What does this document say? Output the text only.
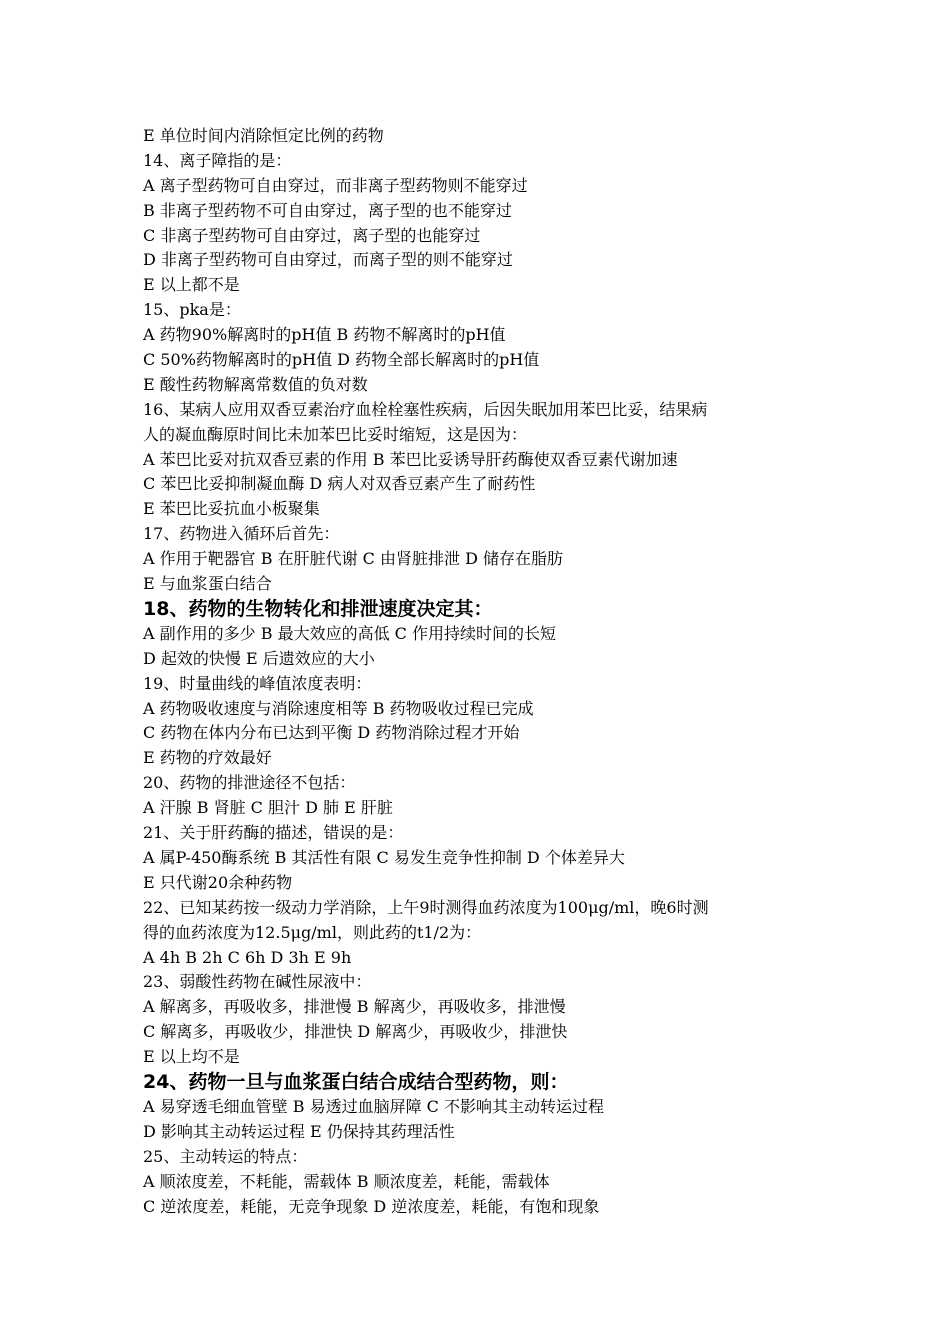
E 单位时间内消除恒定比例的药物
14、离子障指的是：
A 离子型药物可自由穿过，而非离子型药物则不能穿过
B 非离子型药物不可自由穿过，离子型的也不能穿过
C 非离子型药物可自由穿过，离子型的也能穿过
D 非离子型药物可自由穿过，而离子型的则不能穿过
E 以上都不是
15、pka是：
A 药物90%解离时的pH值 B 药物不解离时的pH值
C 50%药物解离时的pH值 D 药物全部长解离时的pH值
E 酸性药物解离常数值的负对数
16、某病人应用双香豆素治疗血栓栓塞性疾病，后因失眠加用苯巴比妥，结果病
人的凝血酶原时间比未加苯巴比妥时缩短，这是因为：
A 苯巴比妥对抗双香豆素的作用 B 苯巴比妥诱导肝药酶使双香豆素代谢加速
C 苯巴比妥抑制凝血酶 D 病人对双香豆素产生了耐药性
E 苯巴比妥抗血小板聚集
17、药物进入循环后首先：
A 作用于靶器官 B 在肝脏代谢 C 由肾脏排泄 D 储存在脂肪
E 与血浆蛋白结合
18、药物的生物转化和排泄速度决定其：
A 副作用的多少 B 最大效应的高低 C 作用持续时间的长短
D 起效的快慢 E 后遗效应的大小
19、时量曲线的峰值浓度表明：
A 药物吸收速度与消除速度相等 B 药物吸收过程已完成
C 药物在体内分布已达到平衡 D 药物消除过程才开始
E 药物的疗效最好
20、药物的排泄途径不包括：
A 汗腺 B 肾脏 C 胆汁 D 肺 E 肝脏
21、关于肝药酶的描述，错误的是：
A 属P-450酶系统 B 其活性有限 C 易发生竞争性抑制 D 个体差异大
E 只代谢20余种药物
22、已知某药按一级动力学消除，上午9时测得血药浓度为100μg/ml，晚6时测
得的血药浓度为12.5μg/ml，则此药的t1/2为：
A 4h B 2h C 6h D 3h E 9h
23、弱酸性药物在碱性尿液中：
A 解离多，再吸收多，排泄慢 B 解离少，再吸收多，排泄慢
C 解离多，再吸收少，排泄快 D 解离少，再吸收少，排泄快
E 以上均不是
24、药物一旦与血浆蛋白结合成结合型药物，则：
A 易穿透毛细血管壁 B 易透过血脑屏障 C 不影响其主动转运过程
D 影响其主动转运过程 E 仍保持其药理活性
25、主动转运的特点：
A 顺浓度差，不耗能，需载体 B 顺浓度差，耗能，需载体
C 逆浓度差，耗能，无竞争现象 D 逆浓度差，耗能，有饱和现象
